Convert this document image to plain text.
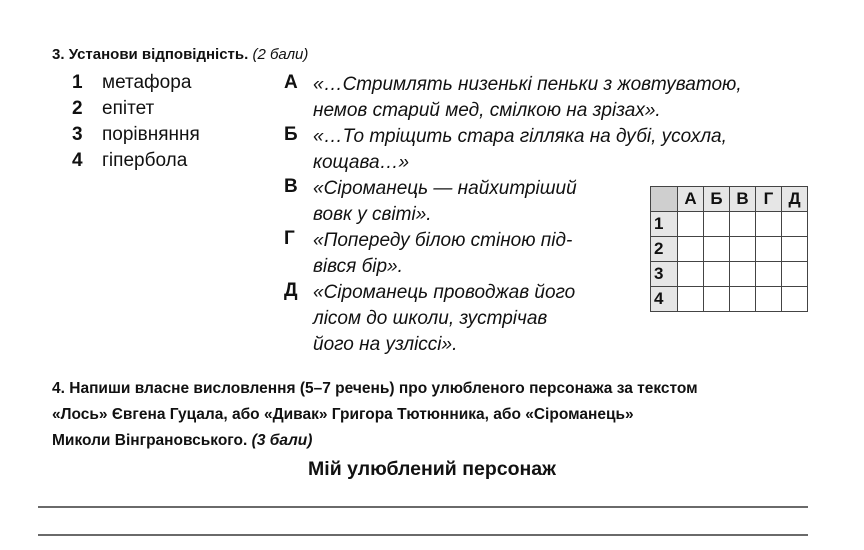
3. Установи відповідність. (2 бали)
1	метафора
2	епітет
3	порівняння
4	гіпербола
А «…Стримлять низенькі пеньки з жовтуватою,
немов старий мед, смілкою на зрізах».
Б «…То тріщить стара гілляка на дубі, усохла,
кощава…»
В «Сіроманець — найхитріший
вовк у світі».
Г «Попереду білою стіною під-
вівся бір».
Д «Сіроманець проводжав його
лісом до школи, зустрічав
його на узліссі».
	А	Б	В	Г	Д
1					
2					
3					
4					
4. Напиши власне висловлення (5–7 речень) про улюбленого персонажа за текстом
«Лось» Євгена Гуцала, або «Дивак» Григора Тютюнника, або «Сіроманець»
Миколи Вінграновського. (3 бали)
Мій улюблений персонаж
